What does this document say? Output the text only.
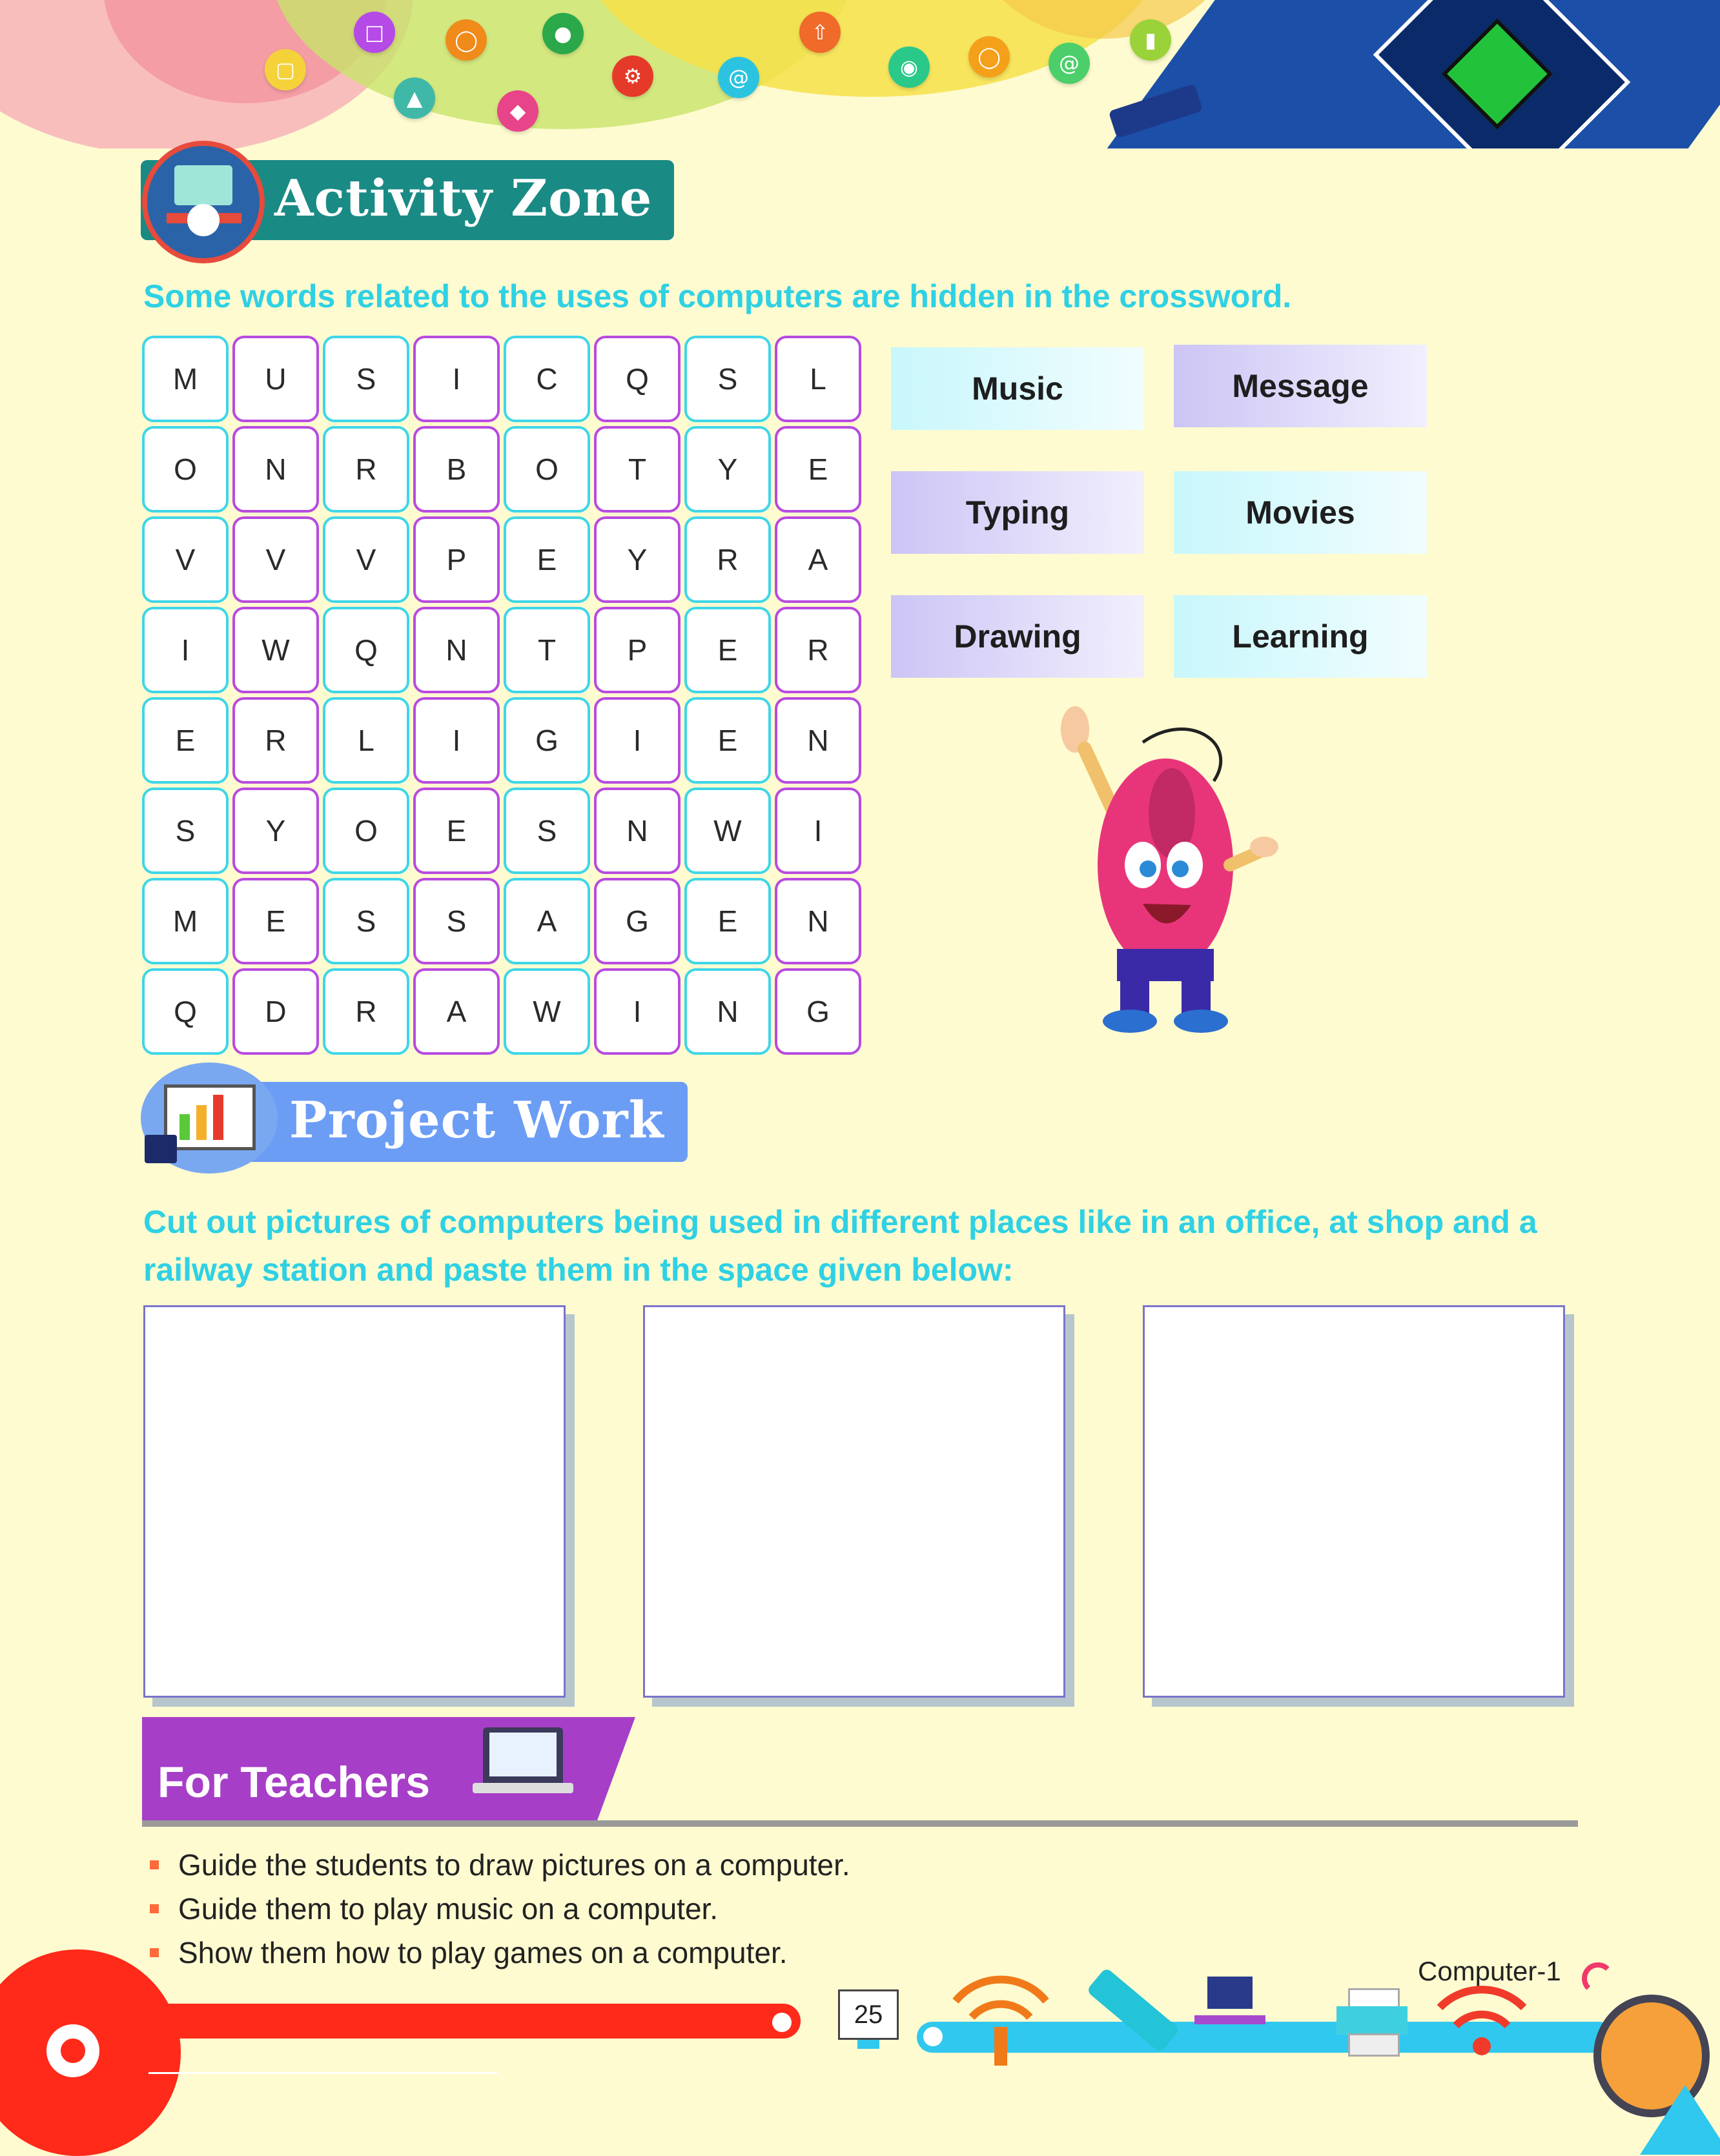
▢
□
▲
◯
◆
●
⚙	@
⇧
◉	◯	@
▮
Activity Zone
Some words related to the uses of computers are hidden in the crossword.
M	U	S	I	C	Q	S	L
O	N	R	B	O	T	Y	E
V	V	V	P	E	Y	R	A
I	W	Q	N	T	P	E	R
E	R	L	I	G	I	E	N
S	Y	O	E	S	N	W	I
M	E	S	S	A	G	E	N
Q	D	R	A	W	I	N	G
Music	Message
Typing	Movies
Drawing	Learning
Project Work
Cut out pictures of computers being used in different places like in an office, at shop and a railway station and paste them in the space given below:
For Teachers
Guide the students to draw pictures on a computer.
Guide them to play music on a computer.
Show them how to play games on a computer.
25
Computer-1
